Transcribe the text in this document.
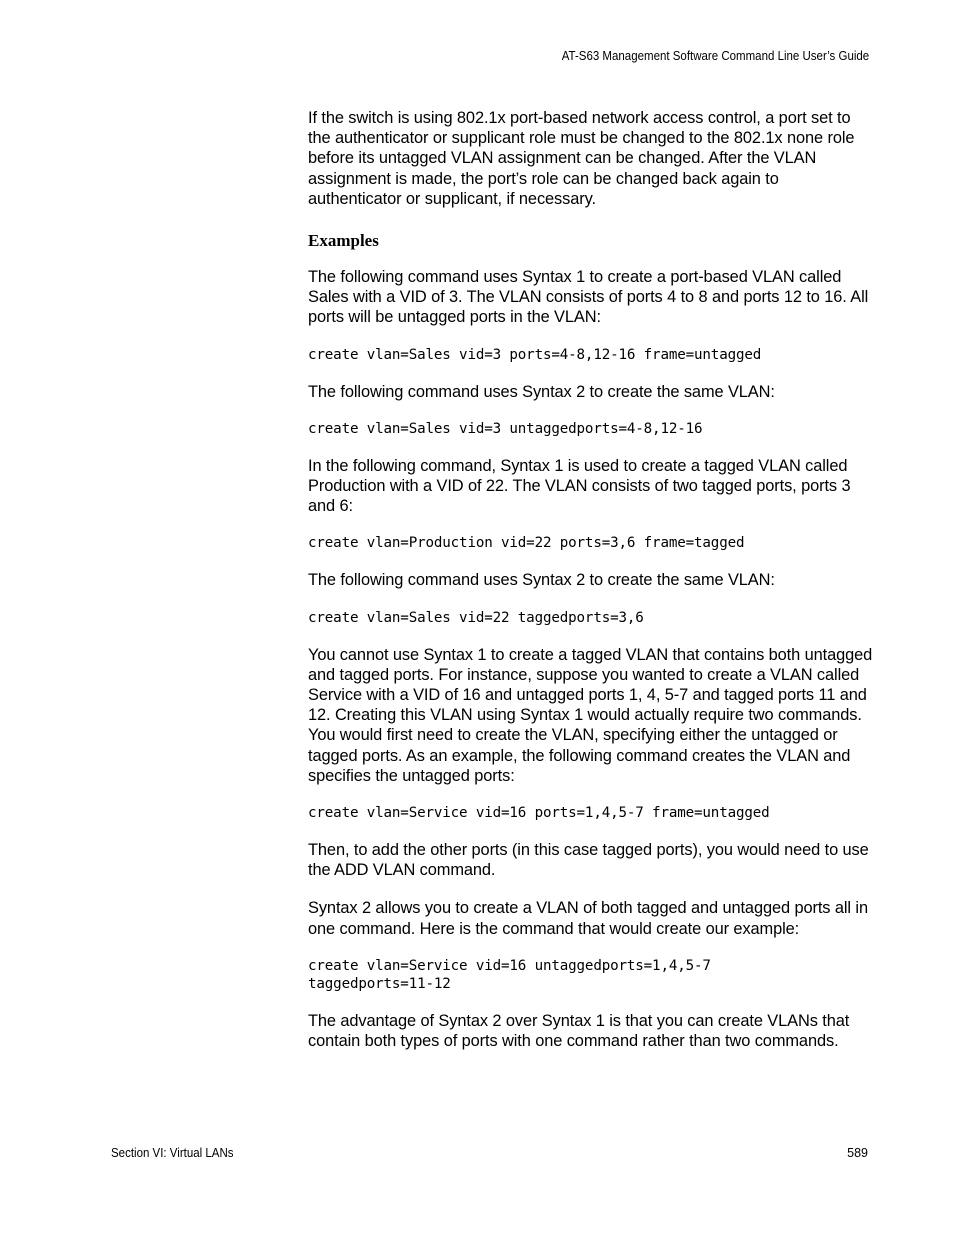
AT-S63 Management Software Command Line User’s Guide

If the switch is using 802.1x port-based network access control, a port set to the authenticator or supplicant role must be changed to the 802.1x none role before its untagged VLAN assignment can be changed. After the VLAN assignment is made, the port’s role can be changed back again to authenticator or supplicant, if necessary.

Examples

The following command uses Syntax 1 to create a port-based VLAN called Sales with a VID of 3. The VLAN consists of ports 4 to 8 and ports 12 to 16. All ports will be untagged ports in the VLAN:

create vlan=Sales vid=3 ports=4-8,12-16 frame=untagged

The following command uses Syntax 2 to create the same VLAN:

create vlan=Sales vid=3 untaggedports=4-8,12-16

In the following command, Syntax 1 is used to create a tagged VLAN called Production with a VID of 22. The VLAN consists of two tagged ports, ports 3 and 6:

create vlan=Production vid=22 ports=3,6 frame=tagged

The following command uses Syntax 2 to create the same VLAN:

create vlan=Sales vid=22 taggedports=3,6

You cannot use Syntax 1 to create a tagged VLAN that contains both untagged and tagged ports. For instance, suppose you wanted to create a VLAN called Service with a VID of 16 and untagged ports 1, 4, 5-7 and tagged ports 11 and 12. Creating this VLAN using Syntax 1 would actually require two commands. You would first need to create the VLAN, specifying either the untagged or tagged ports. As an example, the following command creates the VLAN and specifies the untagged ports:

create vlan=Service vid=16 ports=1,4,5-7 frame=untagged

Then, to add the other ports (in this case tagged ports), you would need to use the ADD VLAN command.

Syntax 2 allows you to create a VLAN of both tagged and untagged ports all in one command. Here is the command that would create our example:

create vlan=Service vid=16 untaggedports=1,4,5-7
taggedports=11-12

The advantage of Syntax 2 over Syntax 1 is that you can create VLANs that contain both types of ports with one command rather than two commands.

Section VI: Virtual LANs	589
